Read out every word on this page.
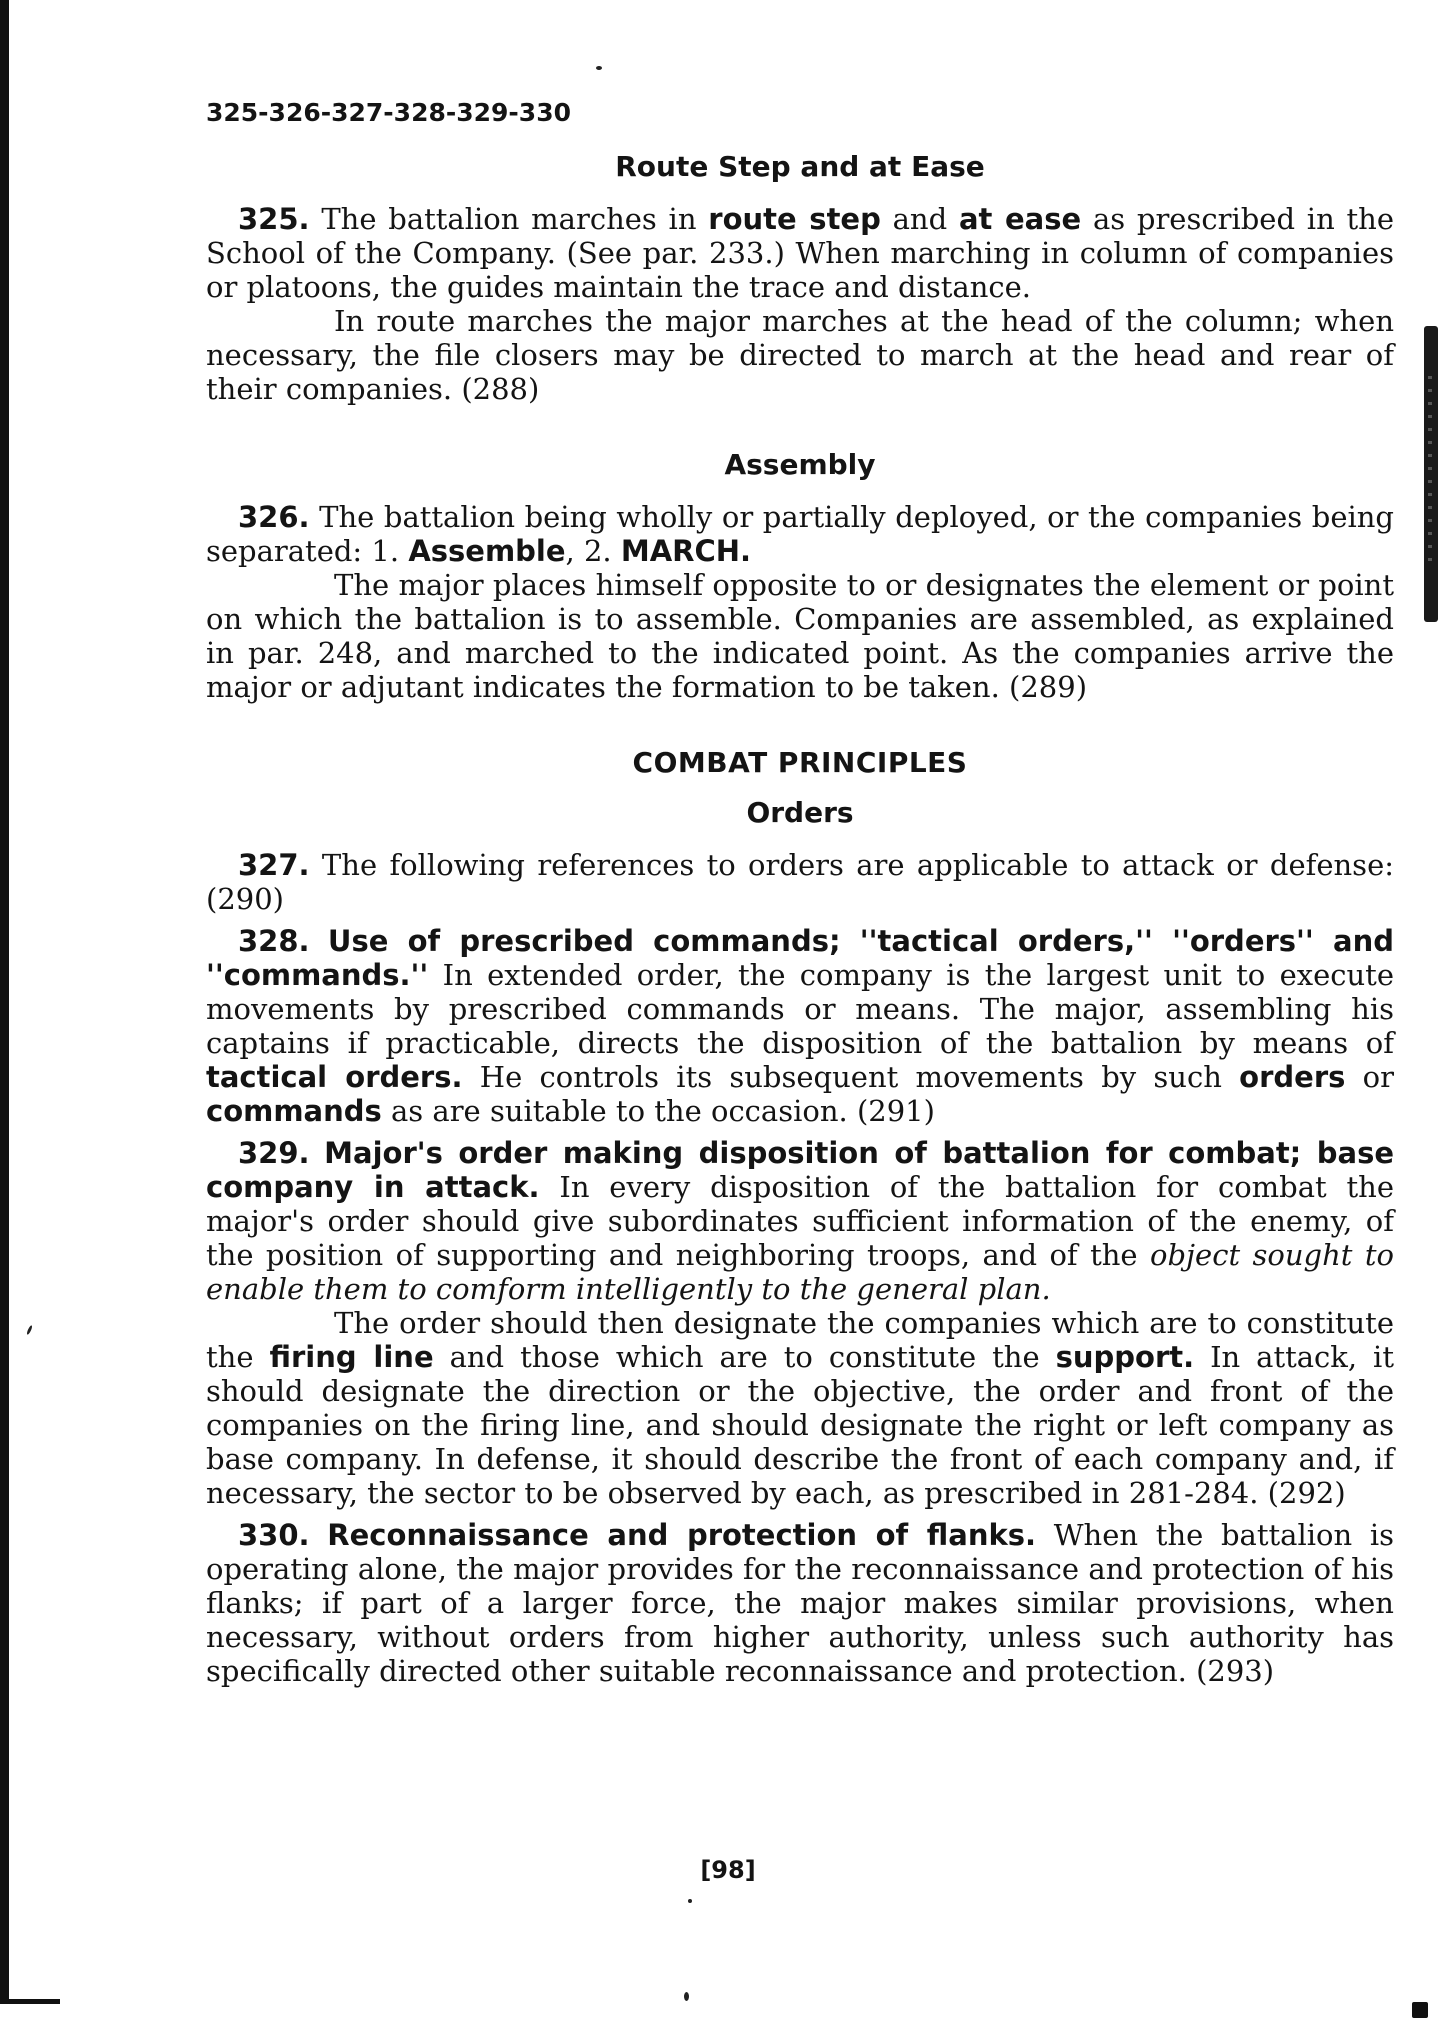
325-326-327-328-329-330
Route Step and at Ease

325. The battalion marches in route step and at ease as prescribed in the School of the Company. (See par. 233.) When marching in column of companies or platoons, the guides maintain the trace and distance.

In route marches the major marches at the head of the column; when necessary, the file closers may be directed to march at the head and rear of their companies. (288)

Assembly

326. The battalion being wholly or partially deployed, or the companies being separated: 1. Assemble, 2. MARCH.

The major places himself opposite to or designates the element or point on which the battalion is to assemble. Companies are assembled, as explained in par. 248, and marched to the indicated point. As the companies arrive the major or adjutant indicates the formation to be taken. (289)

COMBAT PRINCIPLES
Orders

327. The following references to orders are applicable to attack or defense: (290)

328. Use of prescribed commands; ''tactical orders,'' ''orders'' and ''commands.'' In extended order, the company is the largest unit to execute movements by prescribed commands or means. The major, assembling his captains if practicable, directs the disposition of the battalion by means of tactical orders. He controls its subsequent movements by such orders or commands as are suitable to the occasion. (291)

329. Major's order making disposition of battalion for combat; base company in attack. In every disposition of the battalion for combat the major's order should give subordinates sufficient information of the enemy, of the position of supporting and neighboring troops, and of the object sought to enable them to comform intelligently to the general plan.

The order should then designate the companies which are to constitute the firing line and those which are to constitute the support. In attack, it should designate the direction or the objective, the order and front of the companies on the firing line, and should designate the right or left company as base company. In defense, it should describe the front of each company and, if necessary, the sector to be observed by each, as prescribed in 281-284. (292)

330. Reconnaissance and protection of flanks. When the battalion is operating alone, the major provides for the reconnaissance and protection of his flanks; if part of a larger force, the major makes similar provisions, when necessary, without orders from higher authority, unless such authority has specifically directed other suitable reconnaissance and protection. (293)

[98]
